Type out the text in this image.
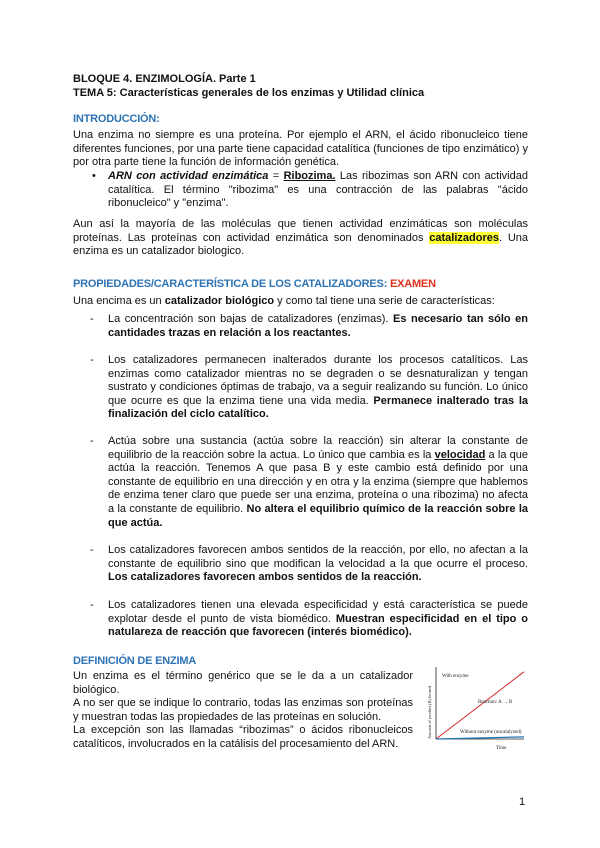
BLOQUE 4. ENZIMOLOGÍA. Parte 1
TEMA 5: Características generales de los enzimas y Utilidad clínica
INTRODUCCIÓN:
Una enzima no siempre es una proteína. Por ejemplo el ARN, el ácido ribonucleico tiene diferentes funciones, por una parte tiene capacidad catalítica (funciones de tipo enzimático) y por otra parte tiene la función de información genética.
• ARN con actividad enzimática = Ribozima. Las ribozimas son ARN con actividad catalítica. El término "ribozima" es una contracción de las palabras "ácido ribonucleico" y "enzima".
Aun así la mayoría de las moléculas que tienen actividad enzimáticas son moléculas proteínas. Las proteínas con actividad enzimática son denominados catalizadores. Una enzima es un catalizador biologico.
PROPIEDADES/CARACTERÍSTICA DE LOS CATALIZADORES: EXAMEN
Una encima es un catalizador biológico y como tal tiene una serie de características:
- La concentración son bajas de catalizadores (enzimas). Es necesario tan sólo en cantidades trazas en relación a los reactantes.
- Los catalizadores permanecen inalterados durante los procesos catalíticos. Las enzimas como catalizador mientras no se degraden o se desnaturalizan y tengan sustrato y condiciones óptimas de trabajo, va a seguir realizando su función. Lo único que ocurre es que la enzima tiene una vida media. Permanece inalterado tras la finalización del ciclo catalítico.
- Actúa sobre una sustancia (actúa sobre la reacción) sin alterar la constante de equilibrio de la reacción sobre la actua. Lo único que cambia es la velocidad a la que actúa la reacción. Tenemos A que pasa B y este cambio está definido por una constante de equilibrio en una dirección y en otra y la enzima (siempre que hablemos de enzima tener claro que puede ser una enzima, proteína o una ribozima) no afecta a la constante de equilibrio. No altera el equilibrio químico de la reacción sobre la que actúa.
- Los catalizadores favorecen ambos sentidos de la reacción, por ello, no afectan a la constante de equilibrio sino que modifican la velocidad a la que ocurre el proceso. Los catalizadores favorecen ambos sentidos de la reacción.
- Los catalizadores tienen una elevada especificidad y está característica se puede explotar desde el punto de vista biomédico. Muestran especificidad en el tipo o natulareza de reacción que favorecen (interés biomédico).
DEFINICIÓN DE ENZIMA
Un enzima es el término genérico que se le da a un catalizador biológico.
A no ser que se indique lo contrario, todas las enzimas son proteínas y muestran todas las propiedades de las proteínas en solución.
La excepción son las llamadas “ribozimas” o ácidos ribonucleicos catalíticos, involucrados en la catálisis del procesamiento del ARN.
With enzyme
Reaction: A → B
Without enzyme (uncatalyzed)
Time
Amount of product (B) formed
1
